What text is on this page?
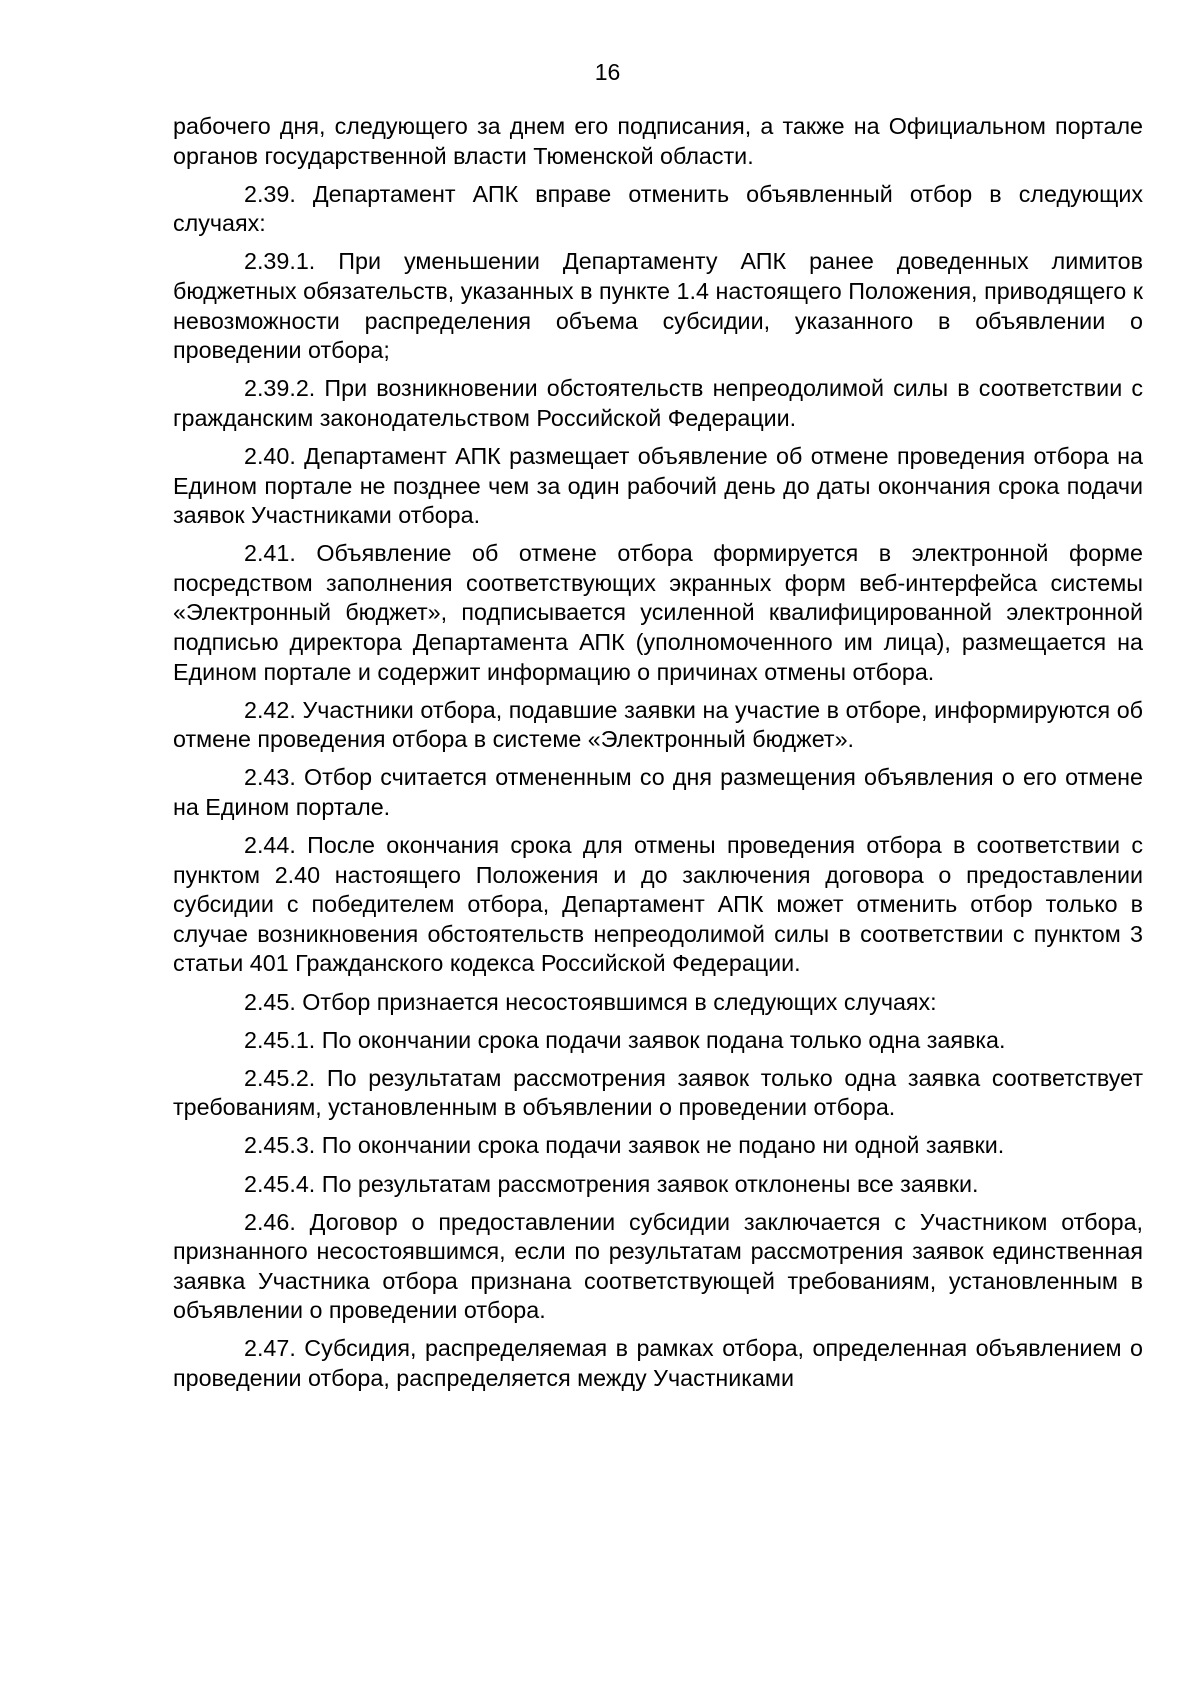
16

рабочего дня, следующего за днем его подписания, а также на Официальном портале органов государственной власти Тюменской области.

2.39. Департамент АПК вправе отменить объявленный отбор в следующих случаях:

2.39.1. При уменьшении Департаменту АПК ранее доведенных лимитов бюджетных обязательств, указанных в пункте 1.4 настоящего Положения, приводящего к невозможности распределения объема субсидии, указанного в объявлении о проведении отбора;

2.39.2. При возникновении обстоятельств непреодолимой силы в соответствии с гражданским законодательством Российской Федерации.

2.40. Департамент АПК размещает объявление об отмене проведения отбора на Едином портале не позднее чем за один рабочий день до даты окончания срока подачи заявок Участниками отбора.

2.41. Объявление об отмене отбора формируется в электронной форме посредством заполнения соответствующих экранных форм веб-интерфейса системы «Электронный бюджет», подписывается усиленной квалифицированной электронной подписью директора Департамента АПК (уполномоченного им лица), размещается на Едином портале и содержит информацию о причинах отмены отбора.

2.42. Участники отбора, подавшие заявки на участие в отборе, информируются об отмене проведения отбора в системе «Электронный бюджет».

2.43. Отбор считается отмененным со дня размещения объявления о его отмене на Едином портале.

2.44. После окончания срока для отмены проведения отбора в соответствии с пунктом 2.40 настоящего Положения и до заключения договора о предоставлении субсидии с победителем отбора, Департамент АПК может отменить отбор только в случае возникновения обстоятельств непреодолимой силы в соответствии с пунктом 3 статьи 401 Гражданского кодекса Российской Федерации.

2.45. Отбор признается несостоявшимся в следующих случаях:

2.45.1. По окончании срока подачи заявок подана только одна заявка.

2.45.2. По результатам рассмотрения заявок только одна заявка соответствует требованиям, установленным в объявлении о проведении отбора.

2.45.3. По окончании срока подачи заявок не подано ни одной заявки.

2.45.4. По результатам рассмотрения заявок отклонены все заявки.

2.46. Договор о предоставлении субсидии заключается с Участником отбора, признанного несостоявшимся, если по результатам рассмотрения заявок единственная заявка Участника отбора признана соответствующей требованиям, установленным в объявлении о проведении отбора.

2.47. Субсидия, распределяемая в рамках отбора, определенная объявлением о проведении отбора, распределяется между Участниками
